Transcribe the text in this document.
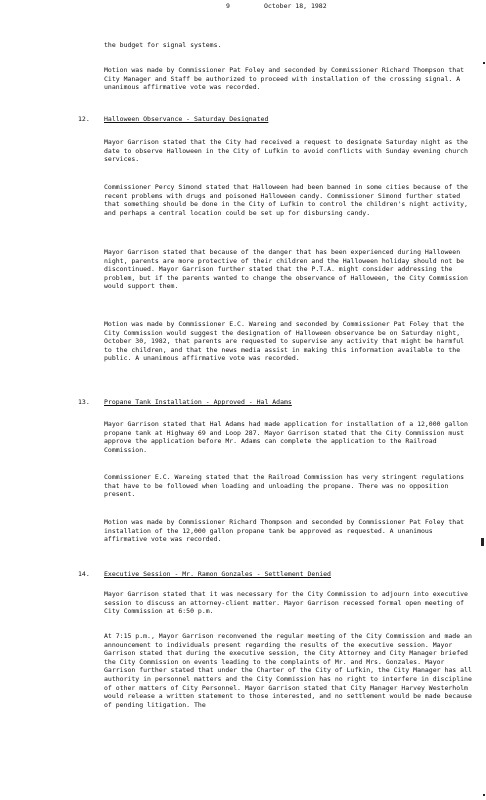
9	October 18, 1982

the budget for signal systems.

Motion was made by Commissioner Pat Foley and seconded by Commissioner Richard Thompson that City Manager and Staff be authorized to proceed with installation of the crossing signal. A unanimous affirmative vote was recorded.

12. Halloween Observance - Saturday Designated

Mayor Garrison stated that the City had received a request to designate Saturday night as the date to observe Halloween in the City of Lufkin to avoid conflicts with Sunday evening church services.

Commissioner Percy Simond stated that Halloween had been banned in some cities because of the recent problems with drugs and poisoned Halloween candy. Commissioner Simond further stated that something should be done in the City of Lufkin to control the children's night activity, and perhaps a central location could be set up for disbursing candy.

Mayor Garrison stated that because of the danger that has been experienced during Halloween night, parents are more protective of their children and the Halloween holiday should not be discontinued. Mayor Garrison further stated that the P.T.A. might consider addressing the problem, but if the parents wanted to change the observance of Halloween, the City Commission would support them.

Motion was made by Commissioner E.C. Wareing and seconded by Commissioner Pat Foley that the City Commission would suggest the designation of Halloween observance be on Saturday night, October 30, 1982, that parents are requested to supervise any activity that might be harmful to the children, and that the news media assist in making this information available to the public. A unanimous affirmative vote was recorded.

13. Propane Tank Installation - Approved - Hal Adams

Mayor Garrison stated that Hal Adams had made application for installation of a 12,000 gallon propane tank at Highway 69 and Loop 287. Mayor Garrison stated that the City Commission must approve the application before Mr. Adams can complete the application to the Railroad Commission.

Commissioner E.C. Wareing stated that the Railroad Commission has very stringent regulations that have to be followed when loading and unloading the propane. There was no opposition present.

Motion was made by Commissioner Richard Thompson and seconded by Commissioner Pat Foley that installation of the 12,000 gallon propane tank be approved as requested. A unanimous affirmative vote was recorded.

14. Executive Session - Mr. Ramon Gonzales - Settlement Denied

Mayor Garrison stated that it was necessary for the City Commission to adjourn into executive session to discuss an attorney-client matter. Mayor Garrison recessed formal open meeting of City Commission at 6:50 p.m.

At 7:15 p.m., Mayor Garrison reconvened the regular meeting of the City Commission and made an announcement to individuals present regarding the results of the executive session. Mayor Garrison stated that during the executive session, the City Attorney and City Manager briefed the City Commission on events leading to the complaints of Mr. and Mrs. Gonzales. Mayor Garrison further stated that under the Charter of the City of Lufkin, the City Manager has all authority in personnel matters and the City Commission has no right to interfere in discipline of other matters of City Personnel. Mayor Garrison stated that City Manager Harvey Westerholm would release a written statement to those interested, and no settlement would be made because of pending litigation. The
